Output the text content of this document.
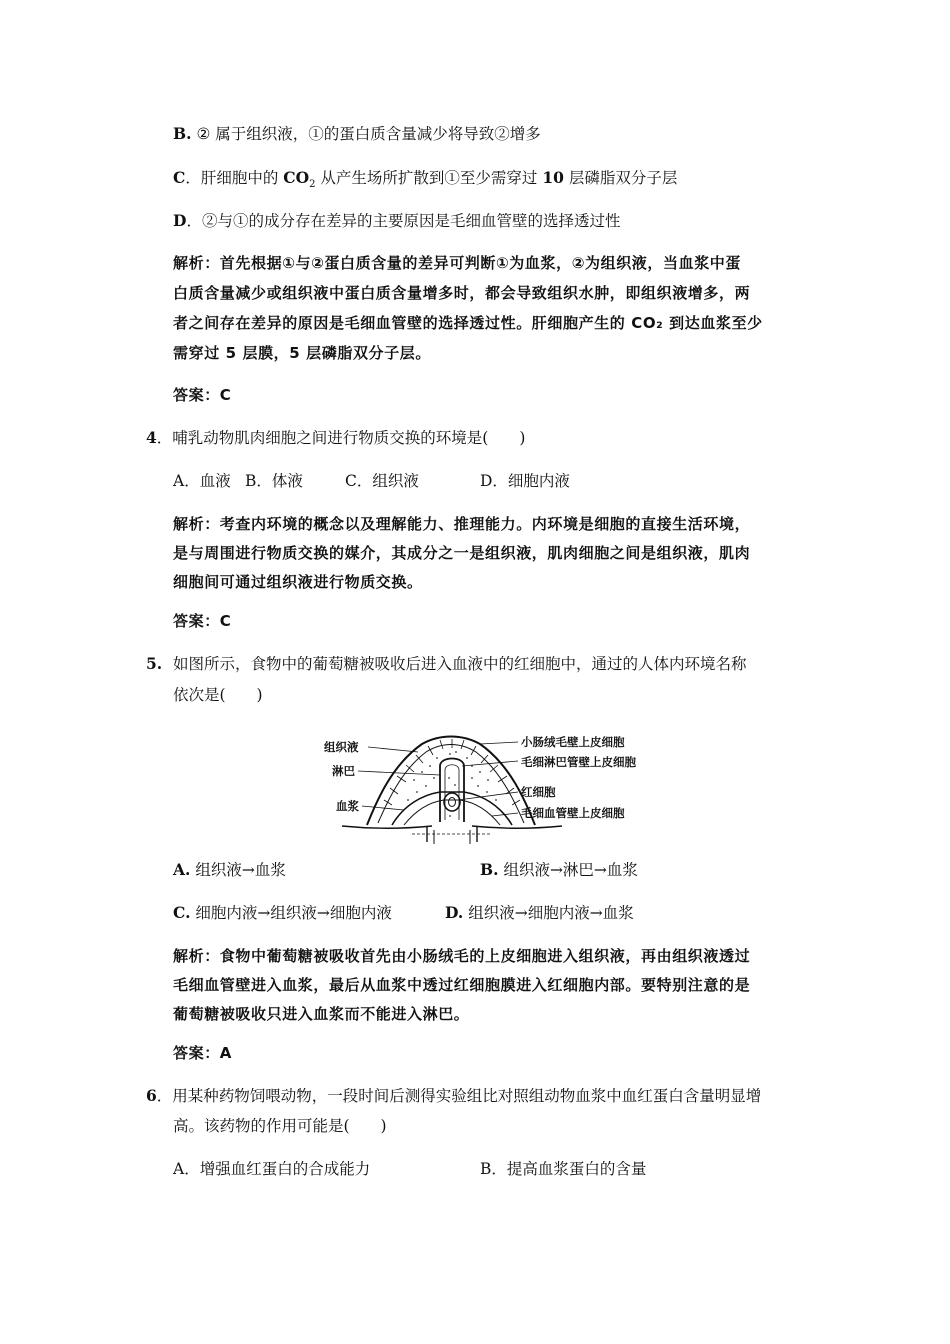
B. ② 属于组织液，①的蛋白质含量减少将导致②增多
C．肝细胞中的 $CO_2$ 从产生场所扩散到①至少需穿过 10 层磷脂双分子层
D．②与①的成分存在差异的主要原因是毛细血管壁的选择透过性
解析：首先根据①与②蛋白质含量的差异可判断①为血浆，②为组织液，当血浆中蛋
白质含量减少或组织液中蛋白质含量增多时，都会导致组织水肿，即组织液增多，两
者之间存在差异的原因是毛细血管壁的选择透过性。肝细胞产生的 CO₂ 到达血浆至少
需穿过 5 层膜，5 层磷脂双分子层。
答案：C
4．哺乳动物肌肉细胞之间进行物质交换的环境是(　　)
A．血液 B．体液	C．组织液	D．细胞内液
解析：考查内环境的概念以及理解能力、推理能力。内环境是细胞的直接生活环境，
是与周围进行物质交换的媒介，其成分之一是组织液，肌肉细胞之间是组织液，肌肉
细胞间可通过组织液进行物质交换。
答案：C
5. 如图所示，食物中的葡萄糖被吸收后进入血液中的红细胞中，通过的人体内环境名称
依次是(　　)
组织液
淋巴
血浆
小肠绒毛壁上皮细胞
毛细淋巴管壁上皮细胞
红细胞
毛细血管壁上皮细胞
A. 组织液→血浆	B. 组织液→淋巴→血浆
C. 细胞内液→组织液→细胞内液	D. 组织液→细胞内液→血浆
解析：食物中葡萄糖被吸收首先由小肠绒毛的上皮细胞进入组织液，再由组织液透过
毛细血管壁进入血浆，最后从血浆中透过红细胞膜进入红细胞内部。要特别注意的是
葡萄糖被吸收只进入血浆而不能进入淋巴。
答案：A
6．用某种药物饲喂动物，一段时间后测得实验组比对照组动物血浆中血红蛋白含量明显增
高。该药物的作用可能是(　　)
A．增强血红蛋白的合成能力	B．提高血浆蛋白的含量
